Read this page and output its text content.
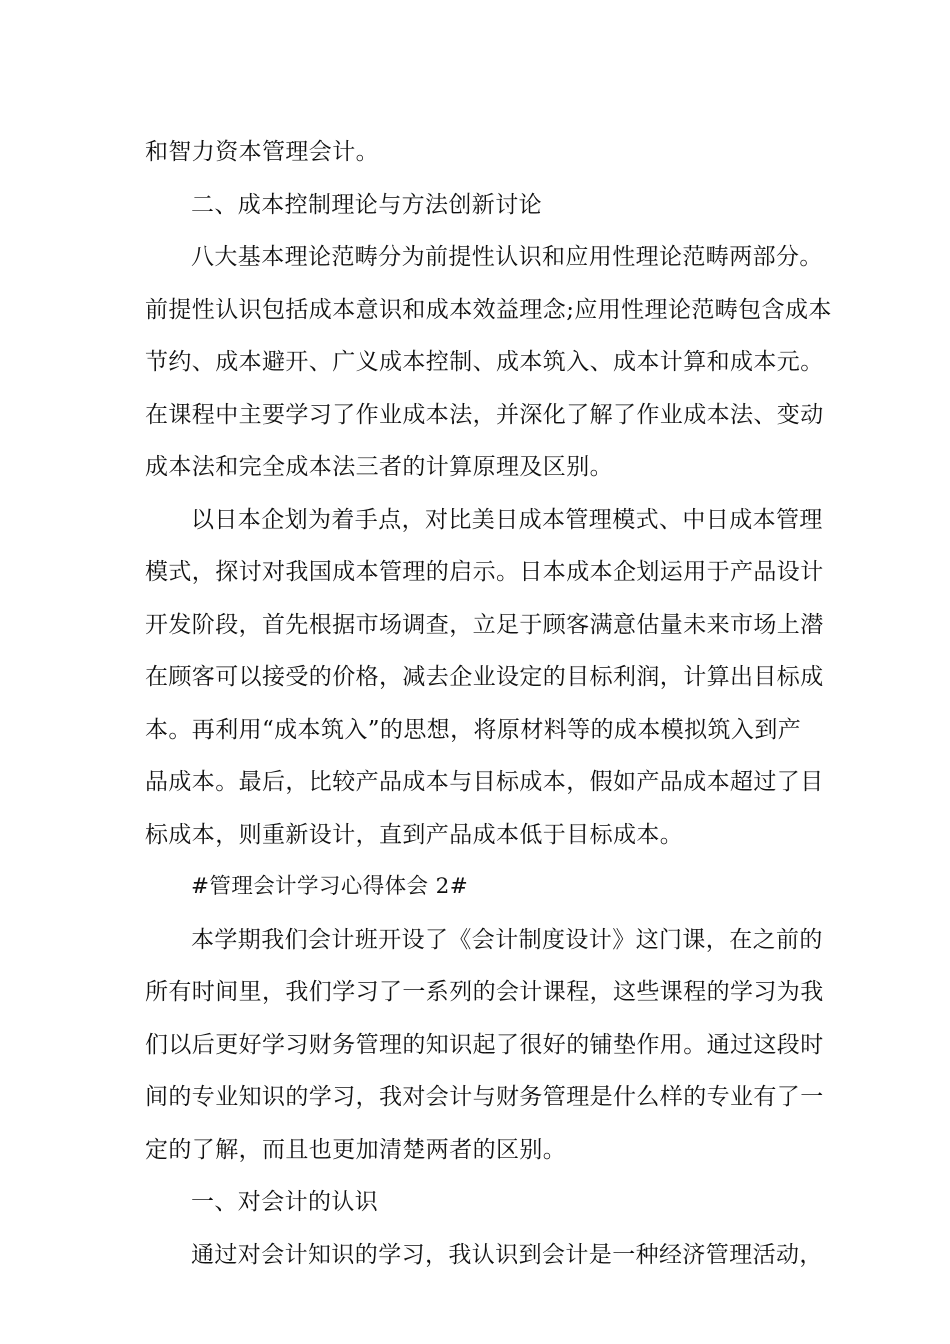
和智力资本管理会计。
二、成本控制理论与方法创新讨论
八大基本理论范畴分为前提性认识和应用性理论范畴两部分。
前提性认识包括成本意识和成本效益理念;应用性理论范畴包含成本
节约、成本避开、广义成本控制、成本筑入、成本计算和成本元。
在课程中主要学习了作业成本法，并深化了解了作业成本法、变动
成本法和完全成本法三者的计算原理及区别。
以日本企划为着手点，对比美日成本管理模式、中日成本管理
模式，探讨对我国成本管理的启示。日本成本企划运用于产品设计
开发阶段，首先根据市场调查，立足于顾客满意估量未来市场上潜
在顾客可以接受的价格，减去企业设定的目标利润，计算出目标成
本。再利用“成本筑入”的思想，将原材料等的成本模拟筑入到产
品成本。最后，比较产品成本与目标成本，假如产品成本超过了目
标成本，则重新设计，直到产品成本低于目标成本。
#管理会计学习心得体会 2#
本学期我们会计班开设了《会计制度设计》这门课，在之前的
所有时间里，我们学习了一系列的会计课程，这些课程的学习为我
们以后更好学习财务管理的知识起了很好的铺垫作用。通过这段时
间的专业知识的学习，我对会计与财务管理是什么样的专业有了一
定的了解，而且也更加清楚两者的区别。
一、对会计的认识
通过对会计知识的学习，我认识到会计是一种经济管理活动，
